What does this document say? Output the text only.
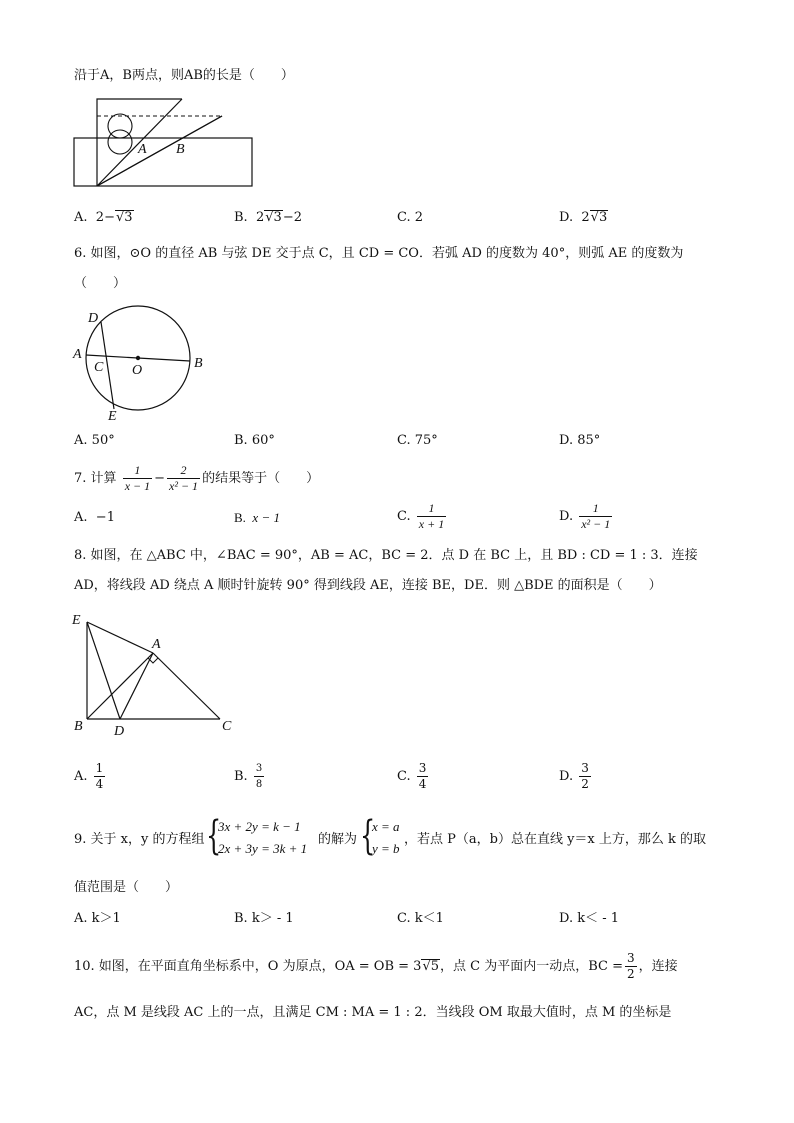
沿于A，B两点，则AB的长是（　　）
A B
A. 2−√3	B. 2√3−2	C. 2	D. 2√3
6. 如图，⊙O 的直径 AB 与弦 DE 交于点 C，且 CD = CO．若弧 AD 的度数为 40°，则弧 AE 的度数为
（　　）
D
A
C O	B
E
A. 50°	B. 60°	C. 75°	D. 85°
7. 计算 $\frac{1}{x - 1} - \frac{2}{\text{x² − 1}}$ 的结果等于（　　）
A. −1	B. x − 1	C. $\frac{1}{x + 1}$	D. $\frac{1}{\text{x² − 1}}$
8. 如图，在 △ABC 中，∠BAC = 90°，AB = AC，BC = 2．点 D 在 BC 上，且 BD : CD = 1 : 3．连接
AD，将线段 AD 绕点 A 顺时针旋转 90° 得到线段 AE，连接 BE，DE．则 △BDE 的面积是（　　）
E
A
B D	C
A. $\frac{1}{4}$	B. $\frac{3}{8}$	C. $\frac{3}{4}$	D. $\frac{3}{2}$
9. 关于 x，y 的方程组 {
3x + 2y = k − 1
2x + 3y = 3k + 1
的解为 {
x = a
y = b
，若点 P（a，b）总在直线 y＝x 上方，那么 k 的取
值范围是（　　）
A. k＞1	B. k＞ - 1	C. k＜1	D. k＜ - 1
10. 如图，在平面直角坐标系中，O 为原点，OA = OB = 3√5，点 C 为平面内一动点，BC = $\frac{3}{2}$ ，连接
AC，点 M 是线段 AC 上的一点，且满足 CM : MA = 1 : 2．当线段 OM 取最大值时，点 M 的坐标是
